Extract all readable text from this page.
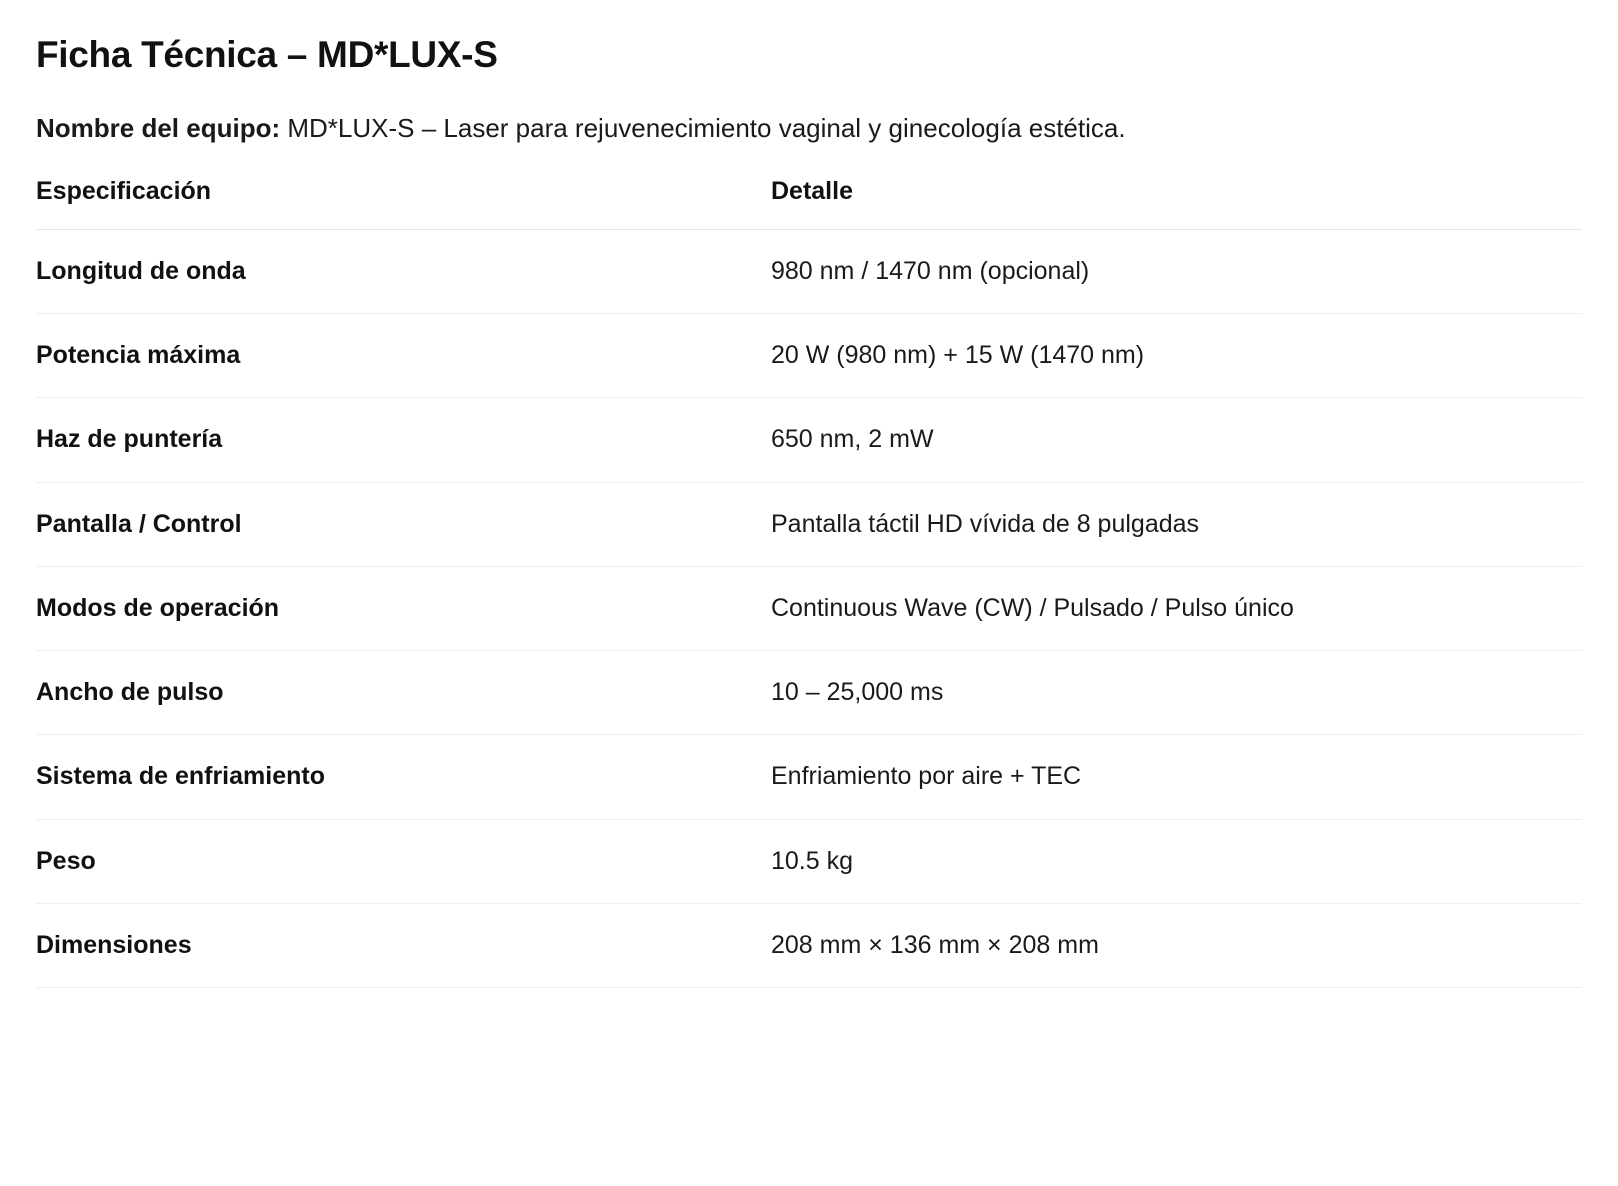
Ficha Técnica – MD*LUX-S

Nombre del equipo: MD*LUX-S – Laser para rejuvenecimiento vaginal y ginecología estética.

Especificación	Detalle
Longitud de onda	980 nm / 1470 nm (opcional)
Potencia máxima	20 W (980 nm) + 15 W (1470 nm)
Haz de puntería	650 nm, 2 mW
Pantalla / Control	Pantalla táctil HD vívida de 8 pulgadas
Modos de operación	Continuous Wave (CW) / Pulsado / Pulso único
Ancho de pulso	10 – 25,000 ms
Sistema de enfriamiento	Enfriamiento por aire + TEC
Peso	10.5 kg
Dimensiones	208 mm × 136 mm × 208 mm
